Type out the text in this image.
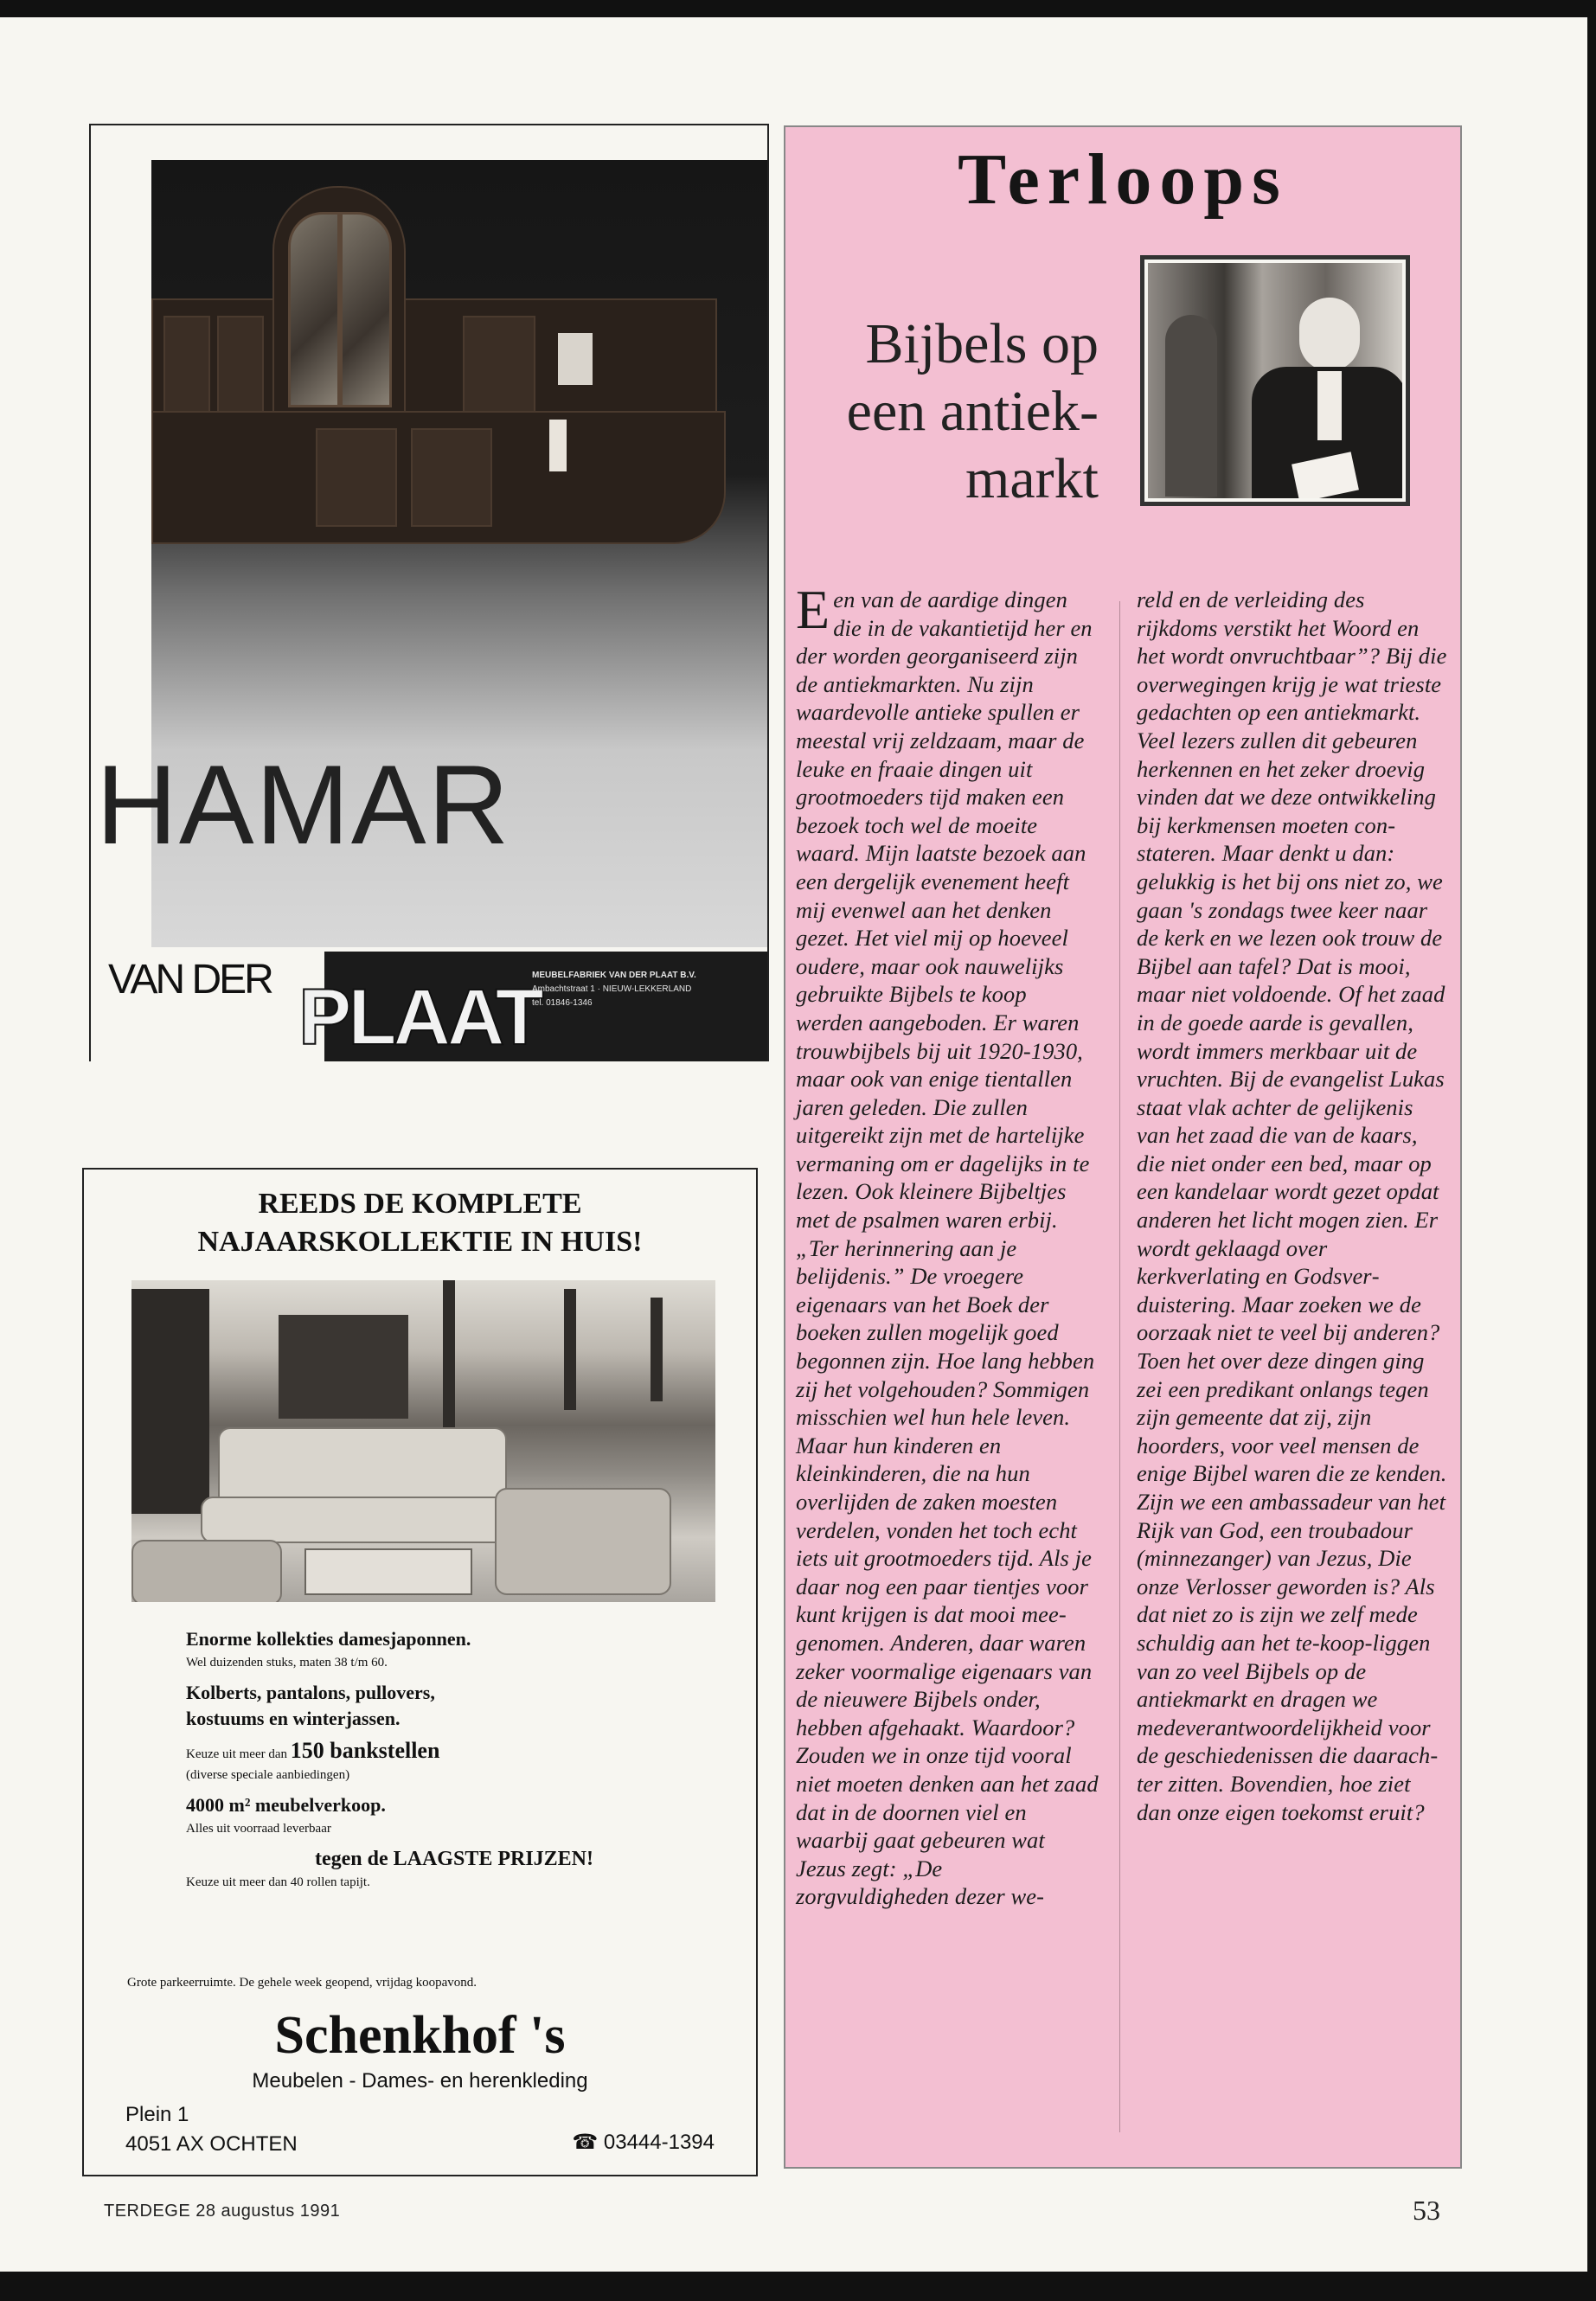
HAMAR
VAN DER PLAAT
MEUBELFABRIEK VAN DER PLAAT B.V.
Ambachtstraat 1 · NIEUW-LEKKERLAND
tel. 01846-1346
REEDS DE KOMPLETE
NAJAARSKOLLEKTIE IN HUIS!

Enorme kollekties damesjaponnen.

Wel duizenden stuks, maten 38 t/m 60.

Kolberts, pantalons, pullovers,

kostuums en winterjassen.

Keuze uit meer dan 150 bankstellen

(diverse speciale aanbiedingen)

4000 m² meubelverkoop.

Alles uit voorraad leverbaar

tegen de LAAGSTE PRIJZEN!

Keuze uit meer dan 40 rollen tapijt.

Grote parkeerruimte. De gehele week geopend, vrijdag koopavond.
Schenkhof 's
Meubelen - Dames- en herenkleding
Plein 1
4051 AX OCHTEN	☎ 03444-1394
Terloops
Bijbels op
een antiek-
markt

Een van de aardige dingen die in de vakantietijd her en der worden georganiseerd zijn de antiekmarkten. Nu zijn waardevolle antieke spullen er meestal vrij zeldzaam, maar de leuke en fraaie dingen uit grootmoeders tijd maken een bezoek toch wel de moeite waard. Mijn laatste bezoek aan een dergelijk evenement heeft mij evenwel aan het denken gezet. Het viel mij op hoeveel oudere, maar ook nauwelijks gebruikte Bijbels te koop werden aangeboden. Er waren trouwbijbels bij uit 1920-1930, maar ook van enige tientallen jaren geleden. Die zullen uitgereikt zijn met de hartelijke vermaning om er dagelijks in te lezen. Ook kleinere Bijbeltjes met de psalmen waren erbij. „Ter herinnering aan je belijdenis.” De vroegere eigenaars van het Boek der boeken zullen mogelijk goed begonnen zijn. Hoe lang hebben zij het volgehouden? Sommigen misschien wel hun hele leven. Maar hun kinderen en kleinkinderen, die na hun overlijden de zaken moesten verdelen, vonden het toch echt iets uit grootmoeders tijd. Als je daar nog een paar tientjes voor kunt krijgen is dat mooi meegenomen. Anderen, daar waren zeker voormalige eigenaars van de nieuwere Bijbels onder, hebben afgehaakt. Waardoor? Zouden we in onze tijd vooral niet moeten denken aan het zaad dat in de doornen viel en waarbij gaat gebeuren wat Jezus zegt: „De zorgvuldigheden dezer we-

reld en de verleiding des rijkdoms verstikt het Woord en het wordt onvruchtbaar”? Bij die overwegingen krijg je wat trieste gedachten op een antiekmarkt. Veel lezers zullen dit gebeuren herkennen en het zeker droevig vinden dat we deze ontwikkeling bij kerkmensen moeten constateren. Maar denkt u dan: gelukkig is het bij ons niet zo, we gaan 's zondags twee keer naar de kerk en we lezen ook trouw de Bijbel aan tafel? Dat is mooi, maar niet voldoende. Of het zaad in de goede aarde is gevallen, wordt immers merkbaar uit de vruchten. Bij de evangelist Lukas staat vlak achter de gelijkenis van het zaad die van de kaars, die niet onder een bed, maar op een kandelaar wordt gezet opdat anderen het licht mogen zien. Er wordt geklaagd over kerkverlating en Godsverduistering. Maar zoeken we de oorzaak niet te veel bij anderen? Toen het over deze dingen ging zei een predikant onlangs tegen zijn gemeente dat zij, zijn hoorders, voor veel mensen de enige Bijbel waren die ze kenden. Zijn we een ambassadeur van het Rijk van God, een troubadour (minnezanger) van Jezus, Die onze Verlosser geworden is? Als dat niet zo is zijn we zelf mede schuldig aan het te-koop-liggen van zo veel Bijbels op de antiekmarkt en dragen we medeverantwoordelijkheid voor de geschiedenissen die daarachter zitten. Bovendien, hoe ziet dan onze eigen toekomst eruit?

TERDEGE 28 augustus 1991	53
